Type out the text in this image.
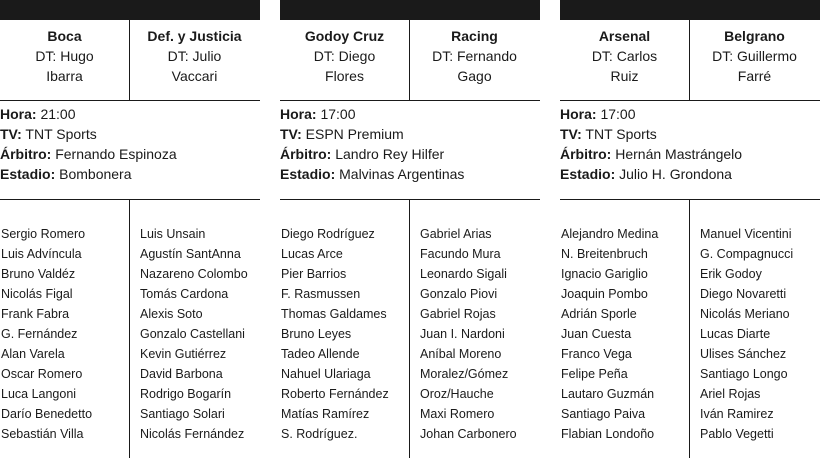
Boca
DT: Hugo
Ibarra
Def. y Justicia
DT: Julio
Vaccari
Hora: 21:00
TV: TNT Sports
Árbitro: Fernando Espinoza
Estadio: Bombonera
Sergio Romero
Luis Advíncula
Bruno Valdéz
Nicolás Figal
Frank Fabra
G. Fernández
Alan Varela
Oscar Romero
Luca Langoni
Darío Benedetto
Sebastián Villa
Luis Unsain
Agustín SantAnna
Nazareno Colombo
Tomás Cardona
Alexis Soto
Gonzalo Castellani
Kevin Gutiérrez
David Barbona
Rodrigo Bogarín
Santiago Solari
Nicolás Fernández
Godoy Cruz
DT: Diego
Flores
Racing
DT: Fernando
Gago
Hora: 17:00
TV: ESPN Premium
Árbitro: Landro Rey Hilfer
Estadio: Malvinas Argentinas
Diego Rodríguez
Lucas Arce
Pier Barrios
F. Rasmussen
Thomas Galdames
Bruno Leyes
Tadeo Allende
Nahuel Ulariaga
Roberto Fernández
Matías Ramírez
S. Rodríguez.
Gabriel Arias
Facundo Mura
Leonardo Sigali
Gonzalo Piovi
Gabriel Rojas
Juan I. Nardoni
Aníbal Moreno
Moralez/Gómez
Oroz/Hauche
Maxi Romero
Johan Carbonero
Arsenal
DT: Carlos
Ruiz
Belgrano
DT: Guillermo
Farré
Hora: 17:00
TV: TNT Sports
Árbitro: Hernán Mastrángelo
Estadio: Julio H. Grondona
Alejandro Medina
N. Breitenbruch
Ignacio Gariglio
Joaquin Pombo
Adrián Sporle
Juan Cuesta
Franco Vega
Felipe Peña
Lautaro Guzmán
Santiago Paiva
Flabian Londoño
Manuel Vicentini
G. Compagnucci
Erik Godoy
Diego Novaretti
Nicolás Meriano
Lucas Diarte
Ulises Sánchez
Santiago Longo
Ariel Rojas
Iván Ramirez
Pablo Vegetti
